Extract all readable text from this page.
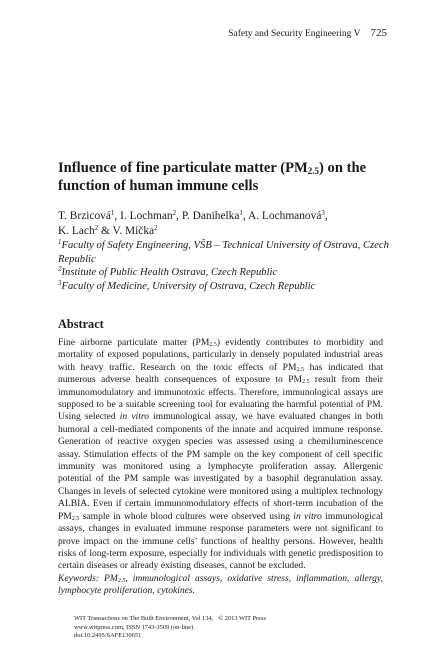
Safety and Security Engineering V 725
Influence of fine particulate matter $(PM_{2.5})$ on the function of human immune cells
T. Brzicová$^1$, I. Lochman$^2$, P. Danihelka$^1$, A. Lochmanová$^3$,
K. Lach$^2$ & V. Mička$^2$
$^1$Faculty of Safety Engineering, VŠB – Technical University of Ostrava, Czech Republic
$^2$Institute of Public Health Ostrava, Czech Republic
$^3$Faculty of Medicine, University of Ostrava, Czech Republic
Abstract
Fine airborne particulate matter $(PM_{2.5})$ evidently contributes to morbidity and mortality of exposed populations, particularly in densely populated industrial areas with heavy traffic. Research on the toxic effects of $PM_{2.5}$ has indicated that numerous adverse health consequences of exposure to $PM_{2.5}$ result from their immunomodulatory and immunotoxic effects. Therefore, immunological assays are supposed to be a suitable screening tool for evaluating the harmful potential of PM. Using selected in vitro immunological assay, we have evaluated changes in both humoral a cell-mediated components of the innate and acquired immune response. Generation of reactive oxygen species was assessed using a chemiluminescence assay. Stimulation effects of the PM sample on the key component of cell specific immunity was monitored using a lymphocyte proliferation assay. Allergenic potential of the PM sample was investigated by a basophil degranulation assay. Changes in levels of selected cytokine were monitored using a multiplex technology ALBIA. Even if certain immunomodulatory effects of short-term incubation of the $PM_{2.5}$ sample in whole blood cultures were observed using in vitro immunological assays, changes in evaluated immune response parameters were not significant to prove impact on the immune cells’ functions of healthy persons. However, health risks of long-term exposure, especially for individuals with genetic predisposition to certain diseases or already existing diseases, cannot be excluded.
Keywords: $PM_{2.5}$, immunological assays, oxidative stress, inflammation, allergy, lymphocyte proliferation, cytokines.
WIT Transactions on The Built Environment, Vol 134, © 2013 WIT Press
www.witpress.com, ISSN 1743-3509 (on-line)
doi:10.2495/SAFE130651
